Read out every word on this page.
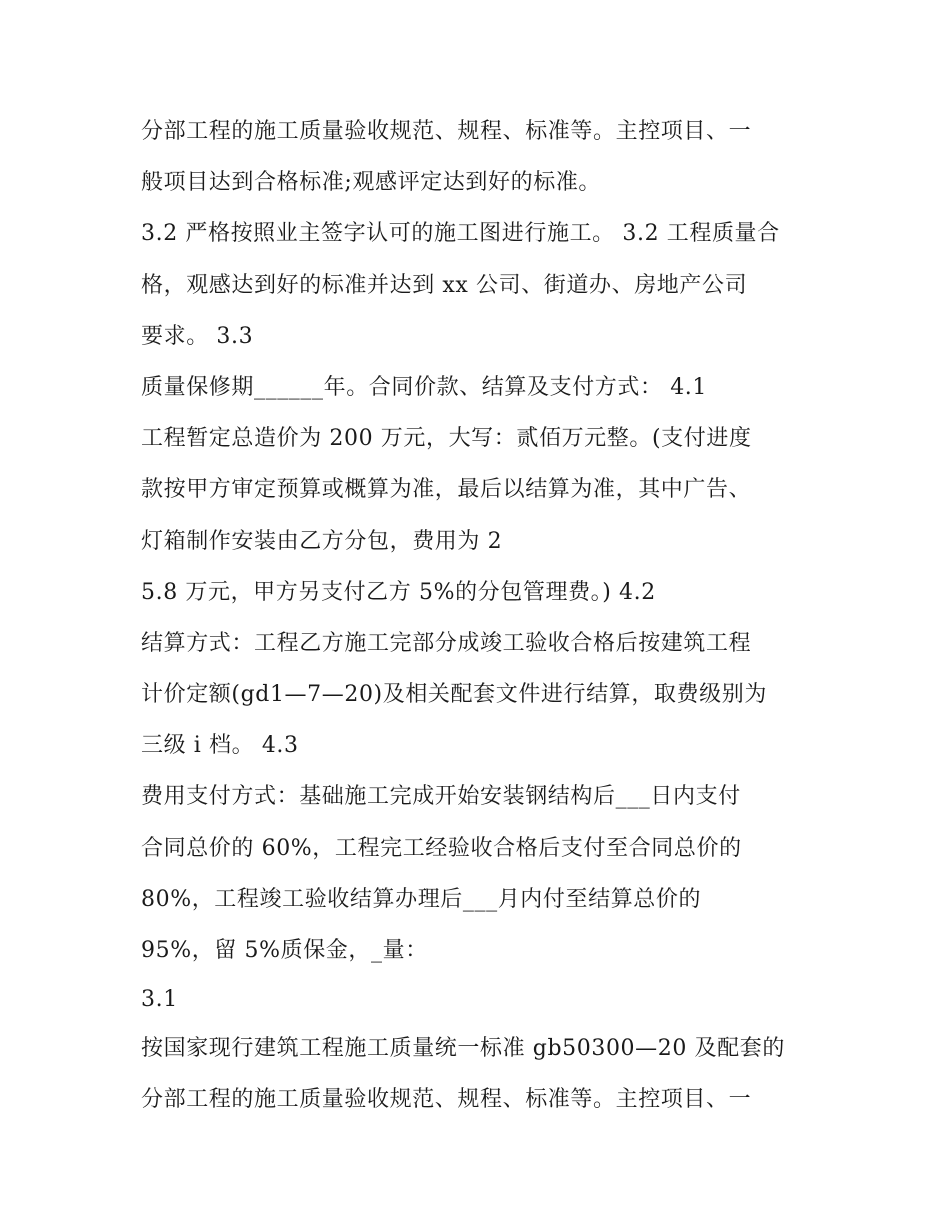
分部工程的施工质量验收规范、规程、标准等。主控项目、一
般项目达到合格标准;观感评定达到好的标准。
3.2 严格按照业主签字认可的施工图进行施工。 3.2 工程质量合
格，观感达到好的标准并达到 xx 公司、街道办、房地产公司
要求。 3.3
质量保修期______年。合同价款、结算及支付方式： 4.1
工程暂定总造价为 200 万元，大写：贰佰万元整。(支付进度
款按甲方审定预算或概算为准，最后以结算为准，其中广告、
灯箱制作安装由乙方分包，费用为 2
5.8 万元，甲方另支付乙方 5%的分包管理费。) 4.2
结算方式：工程乙方施工完部分成竣工验收合格后按建筑工程
计价定额(gd1—7—20)及相关配套文件进行结算，取费级别为
三级 i 档。 4.3
费用支付方式：基础施工完成开始安装钢结构后___日内支付
合同总价的 60%，工程完工经验收合格后支付至合同总价的
80%，工程竣工验收结算办理后___月内付至结算总价的
95%，留 5%质保金，_量：
3.1
按国家现行建筑工程施工质量统一标准 gb50300—20 及配套的
分部工程的施工质量验收规范、规程、标准等。主控项目、一
